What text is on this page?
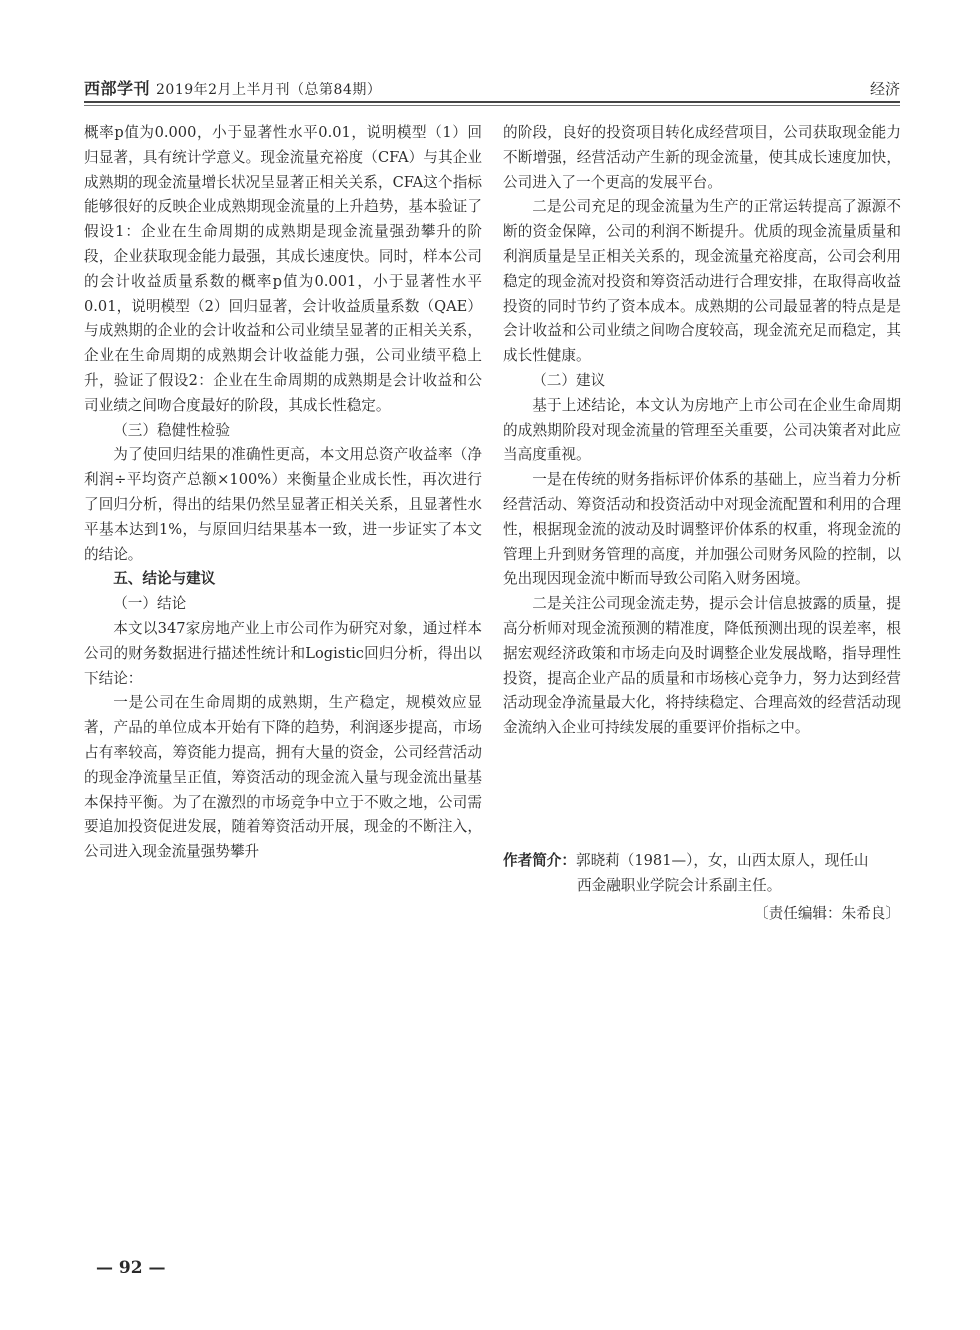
西部学刊 2019年2月上半月刊（总第84期）	经济

概率p值为0.000，小于显著性水平0.01，说明模型（1）回归显著，具有统计学意义。现金流量充裕度（CFA）与其企业成熟期的现金流量增长状况呈显著正相关关系，CFA这个指标能够很好的反映企业成熟期现金流量的上升趋势，基本验证了假设1：企业在生命周期的成熟期是现金流量强劲攀升的阶段，企业获取现金能力最强，其成长速度快。同时，样本公司的会计收益质量系数的概率p值为0.001，小于显著性水平0.01，说明模型（2）回归显著，会计收益质量系数（QAE）与成熟期的企业的会计收益和公司业绩呈显著的正相关关系，企业在生命周期的成熟期会计收益能力强，公司业绩平稳上升，验证了假设2：企业在生命周期的成熟期是会计收益和公司业绩之间吻合度最好的阶段，其成长性稳定。

（三）稳健性检验

为了使回归结果的准确性更高，本文用总资产收益率（净利润÷平均资产总额×100%）来衡量企业成长性，再次进行了回归分析，得出的结果仍然呈显著正相关关系，且显著性水平基本达到1%，与原回归结果基本一致，进一步证实了本文的结论。

五、结论与建议

（一）结论

本文以347家房地产业上市公司作为研究对象，通过样本公司的财务数据进行描述性统计和Logistic回归分析，得出以下结论：

一是公司在生命周期的成熟期，生产稳定，规模效应显著，产品的单位成本开始有下降的趋势，利润逐步提高，市场占有率较高，筹资能力提高，拥有大量的资金，公司经营活动的现金净流量呈正值，筹资活动的现金流入量与现金流出量基本保持平衡。为了在激烈的市场竞争中立于不败之地，公司需要追加投资促进发展，随着筹资活动开展，现金的不断注入，公司进入现金流量强势攀升

的阶段，良好的投资项目转化成经营项目，公司获取现金能力不断增强，经营活动产生新的现金流量，使其成长速度加快，公司进入了一个更高的发展平台。

二是公司充足的现金流量为生产的正常运转提高了源源不断的资金保障，公司的利润不断提升。优质的现金流量质量和利润质量是呈正相关关系的，现金流量充裕度高，公司会利用稳定的现金流对投资和筹资活动进行合理安排，在取得高收益投资的同时节约了资本成本。成熟期的公司最显著的特点是是会计收益和公司业绩之间吻合度较高，现金流充足而稳定，其成长性健康。

（二）建议

基于上述结论，本文认为房地产上市公司在企业生命周期的成熟期阶段对现金流量的管理至关重要，公司决策者对此应当高度重视。

一是在传统的财务指标评价体系的基础上，应当着力分析经营活动、筹资活动和投资活动中对现金流配置和利用的合理性，根据现金流的波动及时调整评价体系的权重，将现金流的管理上升到财务管理的高度，并加强公司财务风险的控制，以免出现因现金流中断而导致公司陷入财务困境。

二是关注公司现金流走势，提示会计信息披露的质量，提高分析师对现金流预测的精准度，降低预测出现的误差率，根据宏观经济政策和市场走向及时调整企业发展战略，指导理性投资，提高企业产品的质量和市场核心竞争力，努力达到经营活动现金净流量最大化，将持续稳定、合理高效的经营活动现金流纳入企业可持续发展的重要评价指标之中。

作者简介：郭晓莉（1981—），女，山西太原人，现任山
西金融职业学院会计系副主任。
〔责任编辑：朱希良〕
— 92 —
